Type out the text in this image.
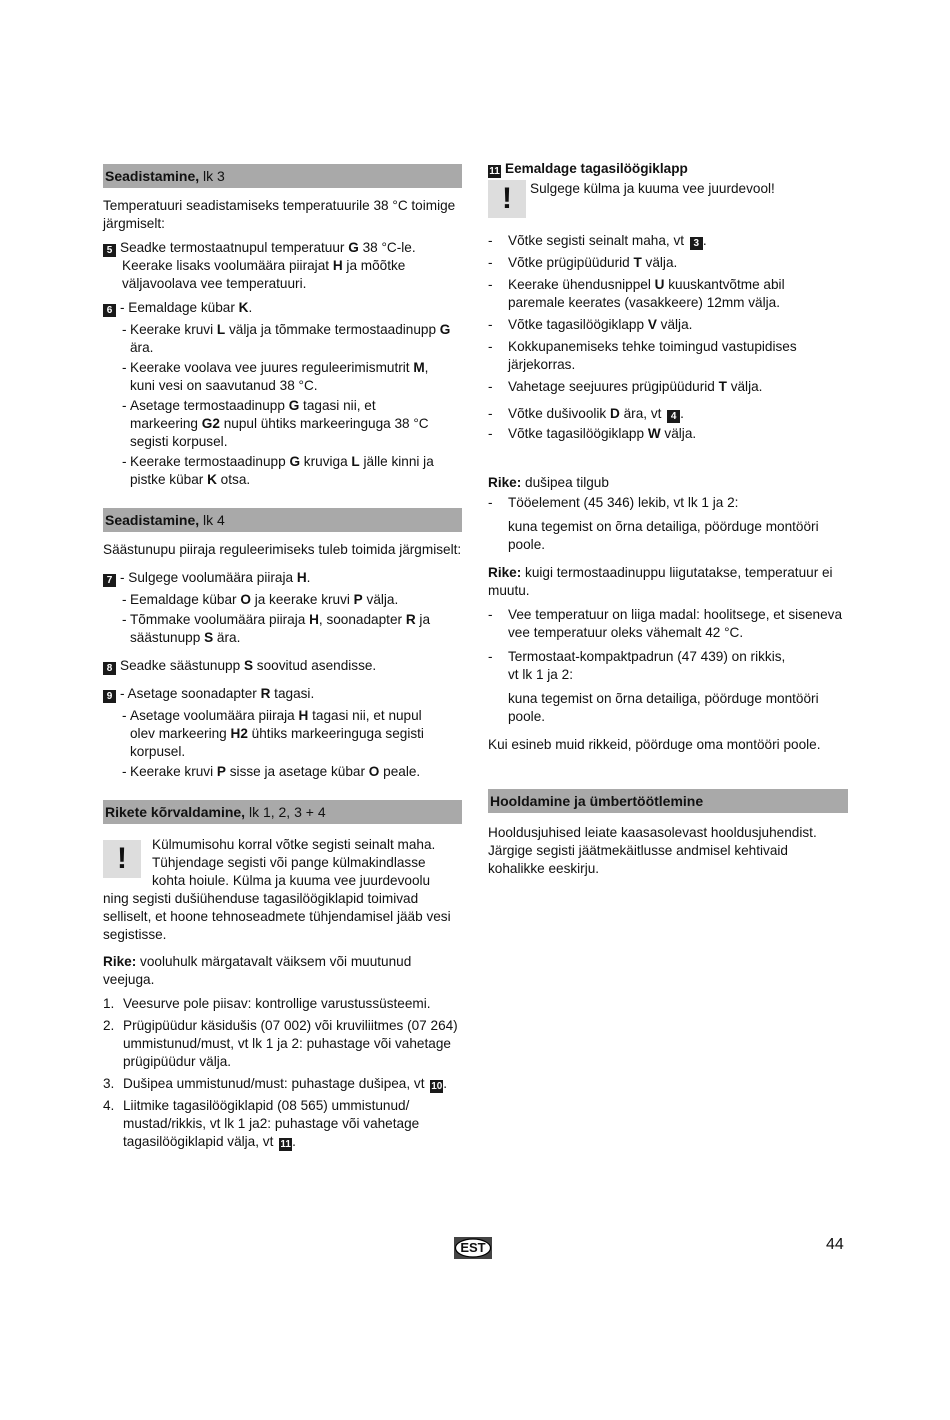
Seadistamine, lk 3

Temperatuuri seadistamiseks temperatuurile 38 °C toimige järgmiselt:

5 Seadke termostaatnupul temperatuur G 38 °C-le.

Keerake lisaks voolumäära piirajat H ja mõõtke

väljavoolava vee temperatuuri.

6 - Eemaldage kübar K.

- Keerake kruvi L välja ja tõmmake termostaadinupp G
ära.
- Keerake voolava vee juures reguleerimismutrit M,
kuni vesi on saavutanud 38 °C.
- Asetage termostaadinupp G tagasi nii, et
markeering G2 nupul ühtiks markeeringuga 38 °C
segisti korpusel.
- Keerake termostaadinupp G kruviga L jälle kinni ja
pistke kübar K otsa.
Seadistamine, lk 4

Säästunupu piiraja reguleerimiseks tuleb toimida järgmiselt:

7 - Sulgege voolumäära piiraja H.

- Eemaldage kübar O ja keerake kruvi P välja.
- Tõmmake voolumäära piiraja H, soonadapter R ja
säästunupp S ära.

8 Seadke säästunupp S soovitud asendisse.

9 - Asetage soonadapter R tagasi.

- Asetage voolumäära piiraja H tagasi nii, et nupul
olev markeering H2 ühtiks markeeringuga segisti
korpusel.
- Keerake kruvi P sisse ja asetage kübar O peale.
Rikete kõrvaldamine, lk 1, 2, 3 + 4
!	Külmumisohu korral võtke segisti seinalt maha.

Tühjendage segisti või pange külmakindlasse

kohta hoiule. Külma ja kuuma vee juurdevoolu

ning segisti dušiühenduse tagasilöögiklapid toimivad selliselt, et hoone tehnoseadmete tühjendamisel jääb vesi segistisse.

Rike: vooluhulk märgatavalt väiksem või muutunud veejuga.

1. Veesurve pole piisav: kontrollige varustussüsteemi.
2. Prügipüüdur käsidušis (07 002) või kruviliitmes (07 264) ummistunud/must, vt lk 1 ja 2: puhastage või vahetage prügipüüdur välja.
3. Dušipea ummistunud/must: puhastage dušipea, vt 10.
4. Liitmike tagasilöögiklapid (08 565) ummistunud/ mustad/rikkis, vt lk 1 ja2: puhastage või vahetage tagasilöögiklapid välja, vt 11.

11 Eemaldage tagasilöögiklapp

!	Sulgege külma ja kuuma vee juurdevool!

- Võtke segisti seinalt maha, vt 3 .
- Võtke prügipüüdurid T välja.
- Keerake ühendusnippel U kuuskantvõtme abil
paremale keerates (vasakkeere) 12mm välja.
- Võtke tagasilöögiklapp V välja.
- Kokkupanemiseks tehke toimingud vastupidises
järjekorras.
- Vahetage seejuures prügipüüdurid T välja.
- Võtke dušivoolik D ära, vt 4 .
- Võtke tagasilöögiklapp W välja.

Rike: dušipea tilgub

- Tööelement (45 346) lekib, vt lk 1 ja 2:

kuna tegemist on õrna detailiga, pöörduge montööri poole.

Rike: kuigi termostaadinuppu liigutatakse, temperatuur ei muutu.

- Vee temperatuur on liiga madal: hoolitsege, et siseneva vee temperatuur oleks vähemalt 42 °C.
- Termostaat-kompaktpadrun (47 439) on rikkis,
vt lk 1 ja 2:

kuna tegemist on õrna detailiga, pöörduge montööri poole.

Kui esineb muid rikkeid, pöörduge oma montööri poole.

Hooldamine ja ümbertöötlemine

Hooldusjuhised leiate kaasasolevast hooldusjuhendist. Järgige segisti jäätmekäitlusse andmisel kehtivaid kohalikke eeskirju.

EST	44
